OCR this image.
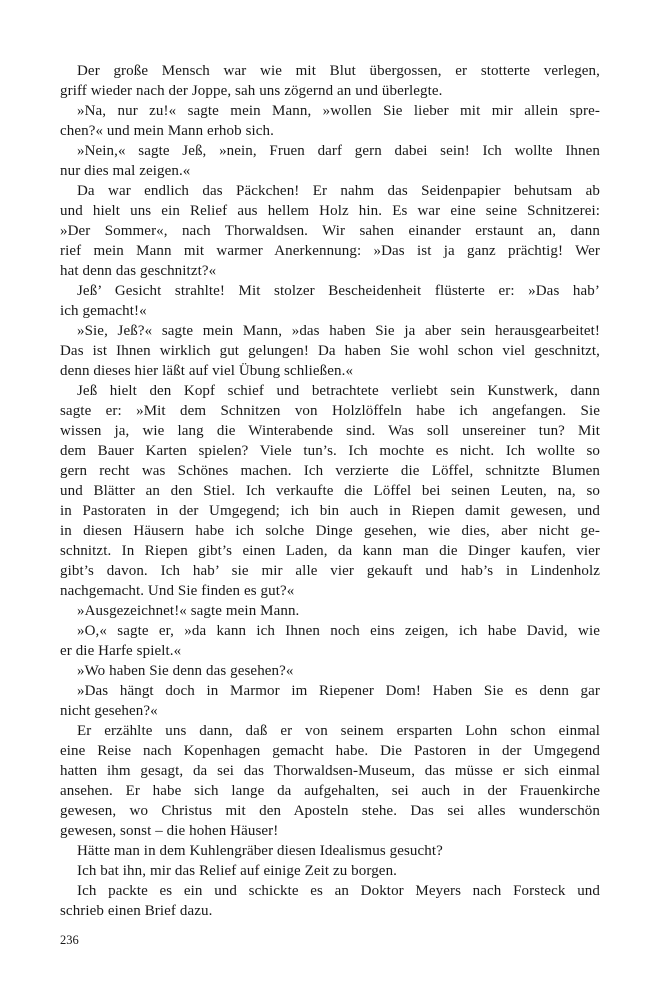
Der große Mensch war wie mit Blut übergossen, er stotterte verlegen,
griff wieder nach der Joppe, sah uns zögernd an und überlegte.
»Na, nur zu!« sagte mein Mann, »wollen Sie lieber mit mir allein spre-
chen?« und mein Mann erhob sich.
»Nein,« sagte Jeß, »nein, Fruen darf gern dabei sein! Ich wollte Ihnen
nur dies mal zeigen.«
Da war endlich das Päckchen! Er nahm das Seidenpapier behutsam ab
und hielt uns ein Relief aus hellem Holz hin. Es war eine seine Schnitzerei:
»Der Sommer«, nach Thorwaldsen. Wir sahen einander erstaunt an, dann
rief mein Mann mit warmer Anerkennung: »Das ist ja ganz prächtig! Wer
hat denn das geschnitzt?«
Jeß’ Gesicht strahlte! Mit stolzer Bescheidenheit flüsterte er: »Das hab’
ich gemacht!«
»Sie, Jeß?« sagte mein Mann, »das haben Sie ja aber sein herausgearbeitet!
Das ist Ihnen wirklich gut gelungen! Da haben Sie wohl schon viel geschnitzt,
denn dieses hier läßt auf viel Übung schließen.«
Jeß hielt den Kopf schief und betrachtete verliebt sein Kunstwerk, dann
sagte er: »Mit dem Schnitzen von Holzlöffeln habe ich angefangen. Sie
wissen ja, wie lang die Winterabende sind. Was soll unsereiner tun? Mit
dem Bauer Karten spielen? Viele tun’s. Ich mochte es nicht. Ich wollte so
gern recht was Schönes machen. Ich verzierte die Löffel, schnitzte Blumen
und Blätter an den Stiel. Ich verkaufte die Löffel bei seinen Leuten, na, so
in Pastoraten in der Umgegend; ich bin auch in Riepen damit gewesen, und
in diesen Häusern habe ich solche Dinge gesehen, wie dies, aber nicht ge-
schnitzt. In Riepen gibt’s einen Laden, da kann man die Dinger kaufen, vier
gibt’s davon. Ich hab’ sie mir alle vier gekauft und hab’s in Lindenholz
nachgemacht. Und Sie finden es gut?«
»Ausgezeichnet!« sagte mein Mann.
»O,« sagte er, »da kann ich Ihnen noch eins zeigen, ich habe David, wie
er die Harfe spielt.«
»Wo haben Sie denn das gesehen?«
»Das hängt doch in Marmor im Riepener Dom! Haben Sie es denn gar
nicht gesehen?«
Er erzählte uns dann, daß er von seinem ersparten Lohn schon einmal
eine Reise nach Kopenhagen gemacht habe. Die Pastoren in der Umgegend
hatten ihm gesagt, da sei das Thorwaldsen-Museum, das müsse er sich einmal
ansehen. Er habe sich lange da aufgehalten, sei auch in der Frauenkirche
gewesen, wo Christus mit den Aposteln stehe. Das sei alles wunderschön
gewesen, sonst – die hohen Häuser!
Hätte man in dem Kuhlengräber diesen Idealismus gesucht?
Ich bat ihn, mir das Relief auf einige Zeit zu borgen.
Ich packte es ein und schickte es an Doktor Meyers nach Forsteck und
schrieb einen Brief dazu.
236
